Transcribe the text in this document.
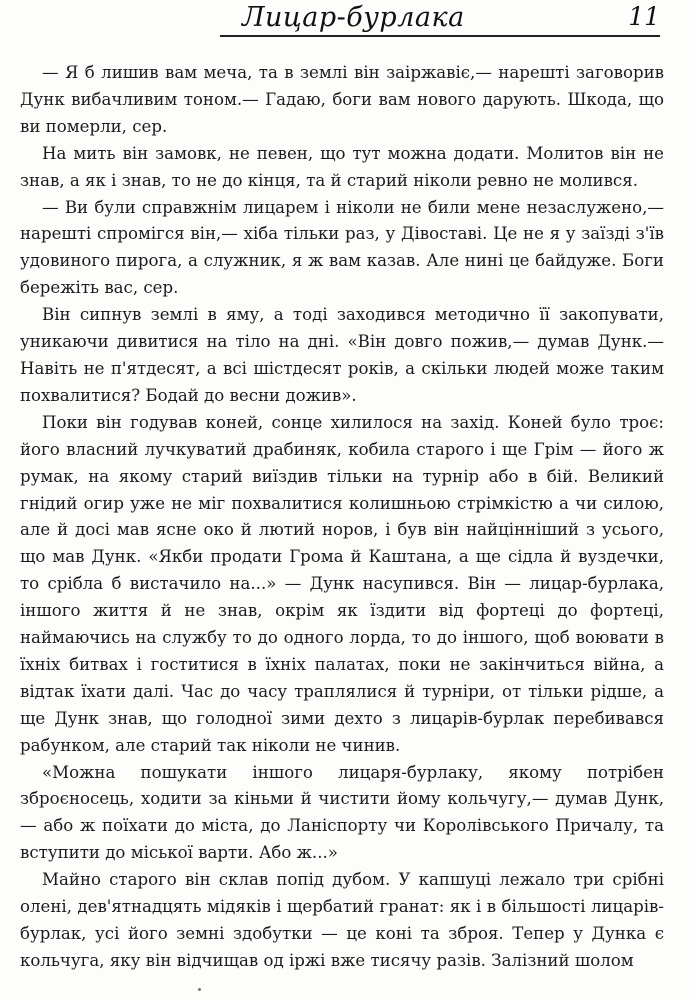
Лицар-бурлака	11

— Я б лишив вам меча, та в землі він заіржавіє,— нарешті заговорив Дунк вибачливим тоном.— Гадаю, боги вам нового дарують. Шкода, що ви померли, сер.

На мить він замовк, не певен, що тут можна додати. Молитов він не знав, а як і знав, то не до кінця, та й старий ніколи ревно не молився.

— Ви були справжнім лицарем і ніколи не били мене незаслужено,— нарешті спромігся він,— хіба тільки раз, у Дівоставі. Це не я у заїзді з'їв удовиного пирога, а служник, я ж вам казав. Але нині це байдуже. Боги бережіть вас, сер.

Він сипнув землі в яму, а тоді заходився методично її закопувати, уникаючи дивитися на тіло на дні. «Він довго пожив,— думав Дунк.— Навіть не п'ятдесят, а всі шістдесят років, а скільки людей може таким похвалитися? Бодай до весни дожив».

Поки він годував коней, сонце хилилося на захід. Коней було троє: його власний лучкуватий драбиняк, кобила старого і ще Грім — його ж румак, на якому старий виїздив тільки на турнір або в бій. Великий гнідий огир уже не міг похвалитися колишньою стрімкістю а чи силою, але й досі мав ясне око й лютий норов, і був він найцінніший з усього, що мав Дунк. «Якби продати Грома й Каштана, а ще сідла й вуздечки, то срібла б вистачило на...» — Дунк насупився. Він — лицар-бурлака, іншого життя й не знав, окрім як їздити від фортеці до фортеці, наймаючись на службу то до одного лорда, то до іншого, щоб воювати в їхніх битвах і гоститися в їхніх палатах, поки не закінчиться війна, а відтак їхати далі. Час до часу траплялися й турніри, от тільки рідше, а ще Дунк знав, що голодної зими дехто з лицарів-бурлак перебивався рабунком, але старий так ніколи не чинив.

«Можна пошукати іншого лицаря-бурлаку, якому потрібен зброєносець, ходити за кіньми й чистити йому кольчугу,— думав Дунк,— або ж поїхати до міста, до Ланіспорту чи Королівського Причалу, та вступити до міської варти. Або ж...»

Майно старого він склав попід дубом. У капшуці лежало три срібні олені, дев'ятнадцять мідяків і щербатий гранат: як і в більшості лицарів-бурлак, усі його земні здобутки — це коні та зброя. Тепер у Дунка є кольчуга, яку він відчищав од іржі вже тисячу разів. Залізний шолом
